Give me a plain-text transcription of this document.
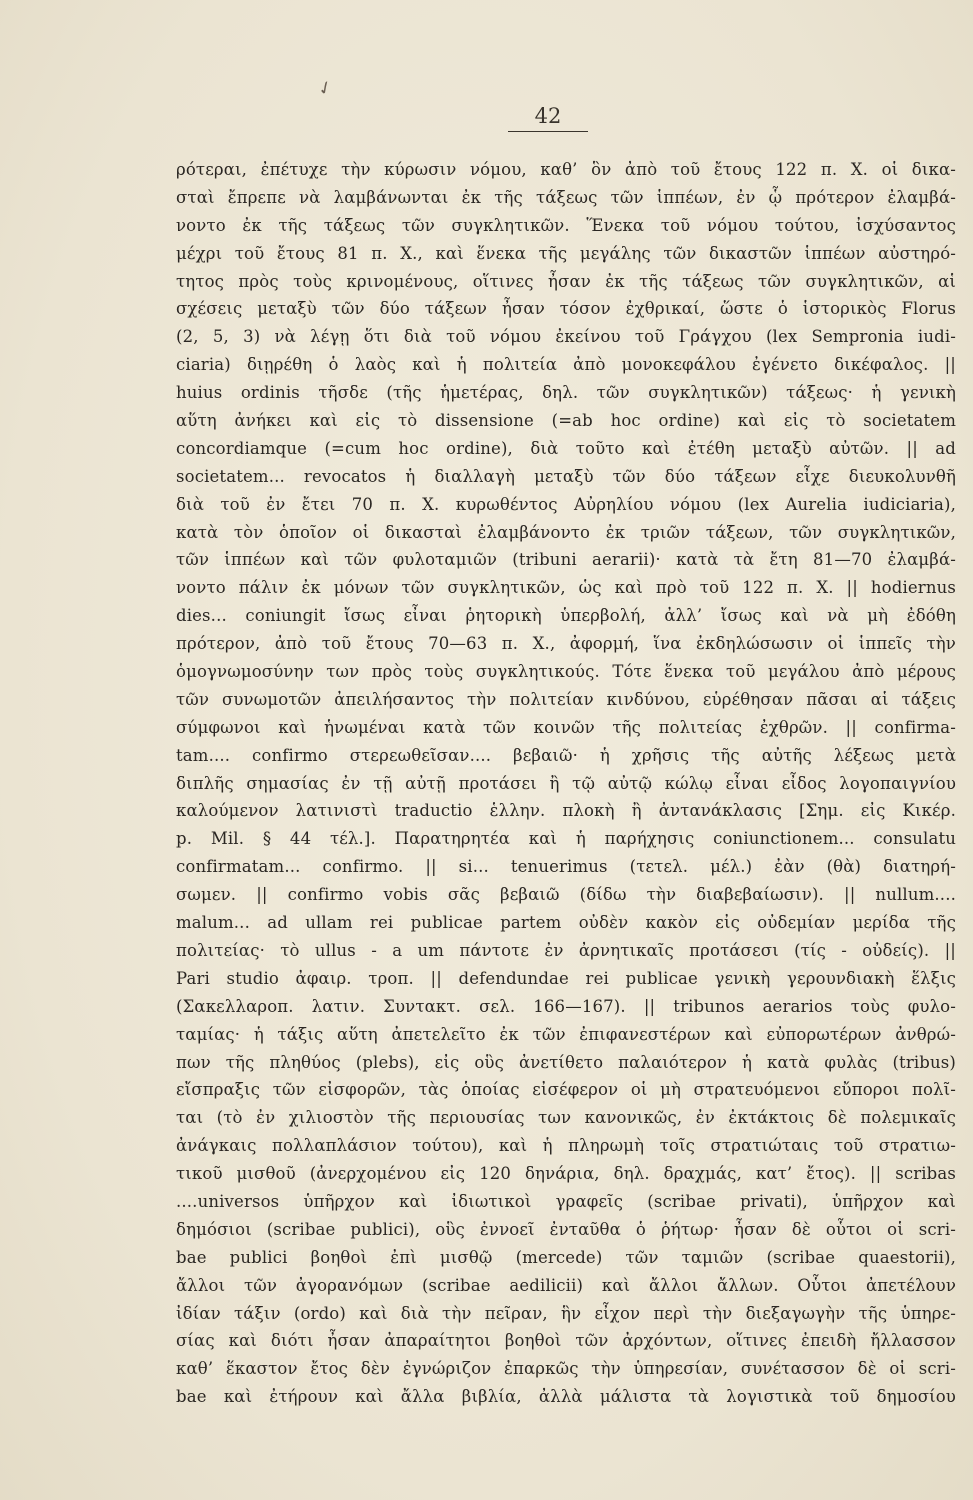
✓
42
ρότεραι, ἐπέτυχε τὴν κύρωσιν νόμου, καθ’ ὃν ἀπὸ τοῦ ἔτους 122 π. Χ. οἱ δικα-
σταὶ ἔπρεπε νὰ λαμβάνωνται ἐκ τῆς τάξεως τῶν ἱππέων, ἐν ᾧ πρότερον ἐλαμβά-
νοντο ἐκ τῆς τάξεως τῶν συγκλητικῶν. Ἕνεκα τοῦ νόμου τούτου, ἰσχύσαντος
μέχρι τοῦ ἔτους 81 π. Χ., καὶ ἕνεκα τῆς μεγάλης τῶν δικαστῶν ἱππέων αὐστηρό-
τητος πρὸς τοὺς κρινομένους, οἵτινες ἦσαν ἐκ τῆς τάξεως τῶν συγκλητικῶν, αἱ
σχέσεις μεταξὺ τῶν δύο τάξεων ἦσαν τόσον ἐχθρικαί, ὥστε ὁ ἱστορικὸς Florus
(2, 5, 3) νὰ λέγῃ ὅτι διὰ τοῦ νόμου ἐκείνου τοῦ Γράγχου (lex Sempronia iudi-
ciaria) διῃρέθη ὁ λαὸς καὶ ἡ πολιτεία ἀπὸ μονοκεφάλου ἐγένετο δικέφαλος. ||
huius ordinis τῆσδε (τῆς ἡμετέρας, δηλ. τῶν συγκλητικῶν) τάξεως· ἡ γενικὴ
αὕτη ἀνήκει καὶ εἰς τὸ dissensione (=ab hoc ordine) καὶ εἰς τὸ societatem
concordiamque (=cum hoc ordine), διὰ τοῦτο καὶ ἐτέθη μεταξὺ αὐτῶν. || ad
societatem... revocatos ἡ διαλλαγὴ μεταξὺ τῶν δύο τάξεων εἶχε διευκολυνθῆ
διὰ τοῦ ἐν ἔτει 70 π. Χ. κυρωθέντος Αὐρηλίου νόμου (lex Aurelia iudiciaria),
κατὰ τὸν ὁποῖον οἱ δικασταὶ ἐλαμβάνοντο ἐκ τριῶν τάξεων, τῶν συγκλητικῶν,
τῶν ἱππέων καὶ τῶν φυλοταμιῶν (tribuni aerarii)· κατὰ τὰ ἔτη 81—70 ἐλαμβά-
νοντο πάλιν ἐκ μόνων τῶν συγκλητικῶν, ὡς καὶ πρὸ τοῦ 122 π. Χ. || hodiernus
dies... coniungit ἴσως εἶναι ῥητορικὴ ὑπερβολή, ἀλλ’ ἴσως καὶ νὰ μὴ ἐδόθη
πρότερον, ἀπὸ τοῦ ἔτους 70—63 π. Χ., ἀφορμή, ἵνα ἐκδηλώσωσιν οἱ ἱππεῖς τὴν
ὁμογνωμοσύνην των πρὸς τοὺς συγκλητικούς. Τότε ἕνεκα τοῦ μεγάλου ἀπὸ μέρους
τῶν συνωμοτῶν ἀπειλήσαντος τὴν πολιτείαν κινδύνου, εὑρέθησαν πᾶσαι αἱ τάξεις
σύμφωνοι καὶ ἡνωμέναι κατὰ τῶν κοινῶν τῆς πολιτείας ἐχθρῶν. || confirma-
tam.... confirmo στερεωθεῖσαν.... βεβαιῶ· ἡ χρῆσις τῆς αὐτῆς λέξεως μετὰ
διπλῆς σημασίας ἐν τῇ αὐτῇ προτάσει ἢ τῷ αὐτῷ κώλῳ εἶναι εἶδος λογοπαιγνίου
καλούμενον λατινιστὶ traductio ἑλλην. πλοκὴ ἢ ἀντανάκλασις [Σημ. εἰς Κικέρ.
p. Mil. § 44 τέλ.]. Παρατηρητέα καὶ ἡ παρήχησις coniunctionem... consulatu
confirmatam... confirmo. || si... tenuerimus (τετελ. μέλ.) ἐὰν (θὰ) διατηρή-
σωμεν. || confirmo vobis σᾶς βεβαιῶ (δίδω τὴν διαβεβαίωσιν). || nullum....
malum... ad ullam rei publicae partem οὐδὲν κακὸν εἰς οὐδεμίαν μερίδα τῆς
πολιτείας· τὸ ullus - a um πάντοτε ἐν ἀρνητικαῖς προτάσεσι (τίς - οὐδείς). ||
Pari studio ἀφαιρ. τροπ. || defendundae rei publicae γενικὴ γερουνδιακὴ ἕλξις
(Σακελλαροπ. λατιν. Συντακτ. σελ. 166—167). || tribunos aerarios τοὺς φυλο-
ταμίας· ἡ τάξις αὕτη ἀπετελεῖτο ἐκ τῶν ἐπιφανεστέρων καὶ εὐπορωτέρων ἀνθρώ-
πων τῆς πληθύος (plebs), εἰς οὓς ἀνετίθετο παλαιότερον ἡ κατὰ φυλὰς (tribus)
εἴσπραξις τῶν εἰσφορῶν, τὰς ὁποίας εἰσέφερον οἱ μὴ στρατευόμενοι εὔποροι πολῖ-
ται (τὸ ἐν χιλιοστὸν τῆς περιουσίας των κανονικῶς, ἐν ἐκτάκτοις δὲ πολεμικαῖς
ἀνάγκαις πολλαπλάσιον τούτου), καὶ ἡ πληρωμὴ τοῖς στρατιώταις τοῦ στρατιω-
τικοῦ μισθοῦ (ἀνερχομένου εἰς 120 δηνάρια, δηλ. δραχμάς, κατ’ ἔτος). || scribas
....universos ὑπῆρχον καὶ ἰδιωτικοὶ γραφεῖς (scribae privati), ὑπῆρχον καὶ
δημόσιοι (scribae publici), οὓς ἐννοεῖ ἐνταῦθα ὁ ῥήτωρ· ἦσαν δὲ οὗτοι οἱ scri-
bae publici βοηθοὶ ἐπὶ μισθῷ (mercede) τῶν ταμιῶν (scribae quaestorii),
ἄλλοι τῶν ἀγορανόμων (scribae aedilicii) καὶ ἄλλοι ἄλλων. Οὗτοι ἀπετέλουν
ἰδίαν τάξιν (ordo) καὶ διὰ τὴν πεῖραν, ἣν εἶχον περὶ τὴν διεξαγωγὴν τῆς ὑπηρε-
σίας καὶ διότι ἦσαν ἀπαραίτητοι βοηθοὶ τῶν ἀρχόντων, οἵτινες ἐπειδὴ ἤλλασσον
καθ’ ἕκαστον ἔτος δὲν ἐγνώριζον ἐπαρκῶς τὴν ὑπηρεσίαν, συνέτασσον δὲ οἱ scri-
bae καὶ ἐτήρουν καὶ ἄλλα βιβλία, ἀλλὰ μάλιστα τὰ λογιστικὰ τοῦ δημοσίου
